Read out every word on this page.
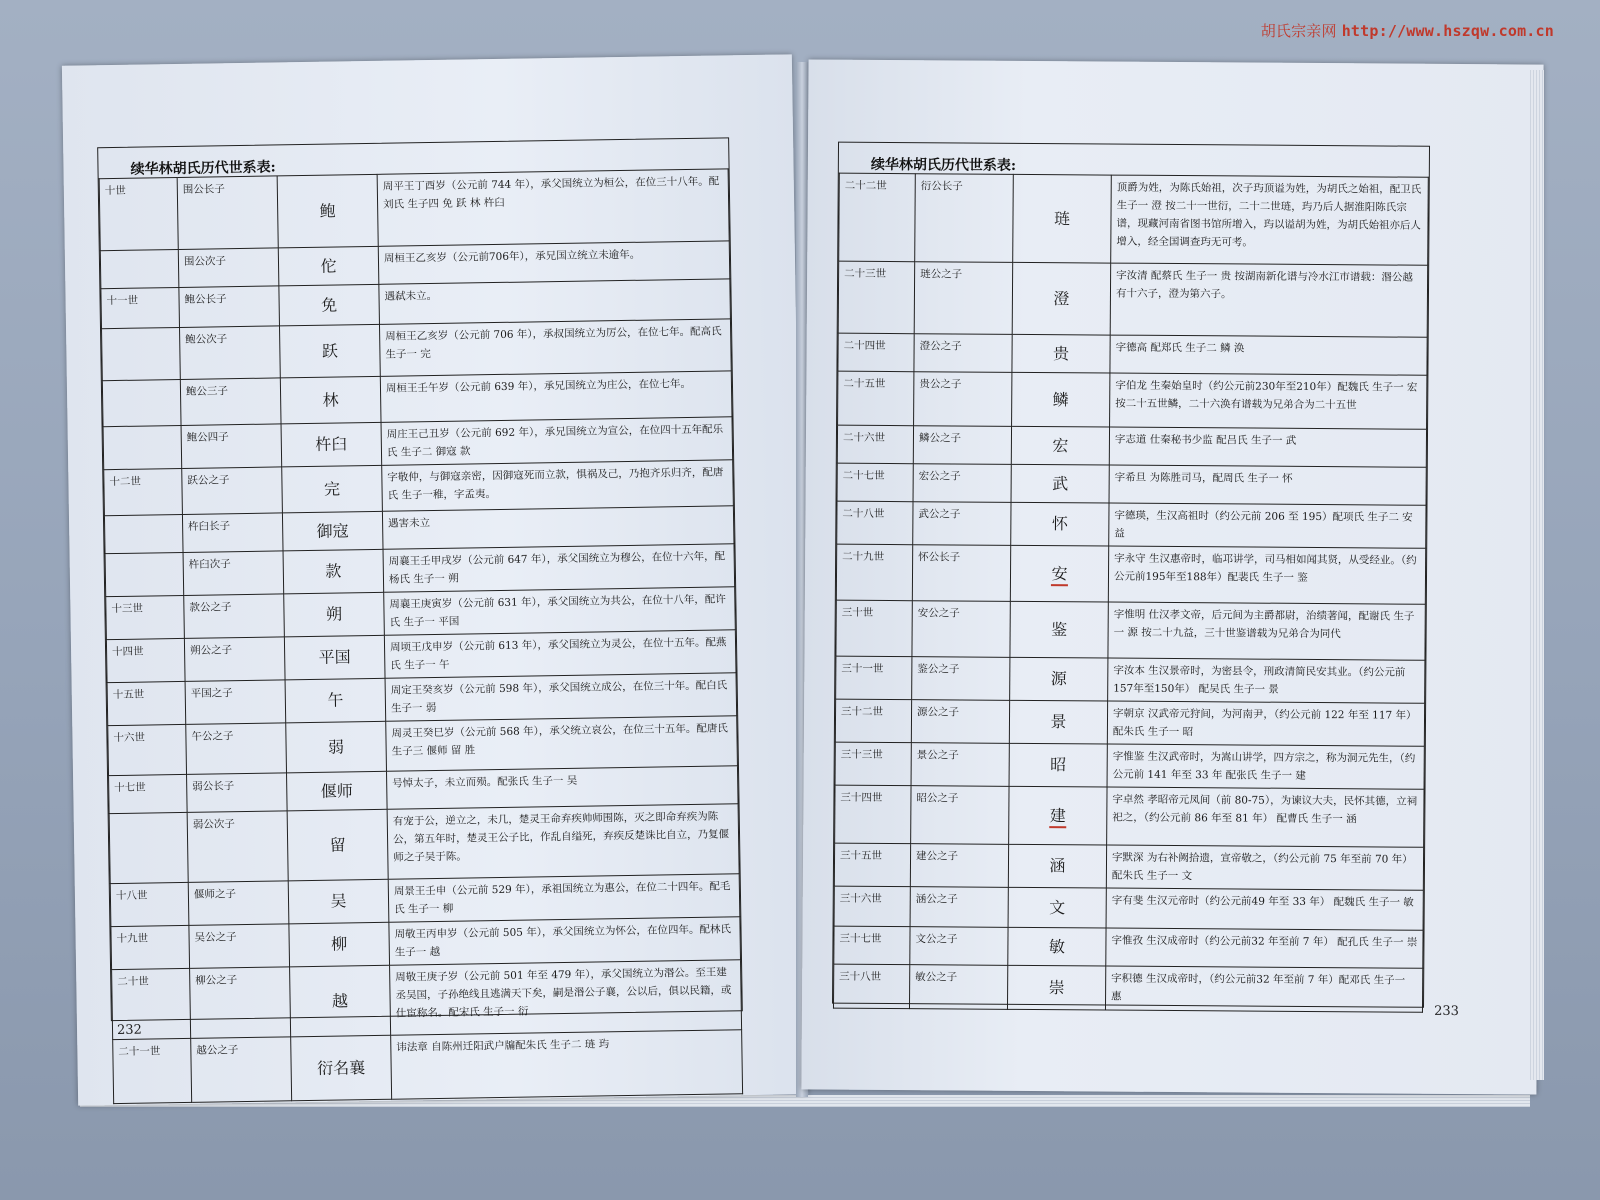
胡氏宗亲网 http://www.hszqw.com.cn
续华林胡氏历代世系表:
十世	围公长子	鲍	周平王丁酉岁（公元前 744 年），承父国统立为桓公，在位三十八年。配刘氏 生子四 免 跃 林 杵臼
	围公次子	佗	周桓王乙亥岁（公元前706年），承兄国立统立未逾年。
十一世	鲍公长子	免	遇弑未立。
	鲍公次子	跃	周桓王乙亥岁（公元前 706 年），承叔国统立为厉公，在位七年。配高氏 生子一 完
	鲍公三子	林	周桓王壬午岁（公元前 639 年），承兄国统立为庄公，在位七年。
	鲍公四子	杵臼	周庄王己丑岁（公元前 692 年），承兄国统立为宣公，在位四十五年配乐氏 生子二 御寇 款
十二世	跃公之子	完	字敬仲，与御寇亲密，因御寇死而立款，惧祸及己，乃抱齐乐归齐，配唐氏 生子一稚，字孟夷。
	杵臼长子	御寇	遇害未立
	杵臼次子	款	周襄王壬甲戌岁（公元前 647 年），承父国统立为穆公，在位十六年，配杨氏 生子一 朔
十三世	款公之子	朔	周襄王庚寅岁（公元前 631 年），承父国统立为共公，在位十八年，配许氏 生子一 平国
十四世	朔公之子	平国	周顷王戊申岁（公元前 613 年），承父国统立为灵公，在位十五年。配燕氏 生子一 午
十五世	平国之子	午	周定王癸亥岁（公元前 598 年），承父国统立成公，在位三十年。配白氏 生子一 弱
十六世	午公之子	弱	周灵王癸巳岁（公元前 568 年），承父统立哀公，在位三十五年。配唐氏 生子三 偃师 留 胜
十七世	弱公长子	偃师	号悼太子，未立而殒。配张氏 生子一 吴
	弱公次子	留	有宠于公，逆立之，未几，楚灵王命弃疾帅师围陈，灭之即命弃疾为陈公，第五年时，楚灵王公子比，作乱自缢死，弃疾反楚诛比自立，乃复偃师之子吴于陈。
十八世	偃师之子	吴	周景王壬申（公元前 529 年），承祖国统立为惠公，在位二十四年。配毛氏 生子一 柳
十九世	吴公之子	柳	周敬王丙申岁（公元前 505 年），承父国统立为怀公，在位四年。配林氏 生子一 越
二十世	柳公之子	越	周敬王庚子岁（公元前 501 年至 479 年），承父国统立为湣公。至王建丞吴国，子孙绝线且逃满天下矣，嗣是湣公子襄，公以后，俱以民籍，或仕宦称名。配宋氏 生子一 衍
二十一世	越公之子	衍名襄	讳法章 自陈州迁阳武户牖配朱氏 生子二 琏 玙
232
续华林胡氏历代世系表:
二十二世	衍公长子	琏	顶爵为姓，为陈氏始祖，次子玙顶谥为姓，为胡氏之始祖，配卫氏 生子一 澄 按二十一世衍，二十二世琏，玙乃后人据淮阳陈氏宗谱，现藏河南省图书馆所增入，玙以谥胡为姓，为胡氏始祖亦后人增入，经全国调查玙无可考。
二十三世	琏公之子	澄	字汝清 配蔡氏 生子一 贵 按湖南新化谱与冷水江市谱载：湣公越有十六子，澄为第六子。
二十四世	澄公之子	贵	字德高 配郑氏 生子二 鳞 涣
二十五世	贵公之子	鳞	字伯龙 生秦始皇时（约公元前230年至210年）配魏氏 生子一 宏 按二十五世鳞，二十六涣有谱载为兄弟合为二十五世
二十六世	鳞公之子	宏	字志道 仕秦秘书少监 配吕氏 生子一 武
二十七世	宏公之子	武	字希旦 为陈胜司马，配周氏 生子一 怀
二十八世	武公之子	怀	字德瑛，生汉高祖时（约公元前 206 至 195）配项氏 生子二 安 益
二十九世	怀公长子	安	字永守 生汉惠帝时，临邛讲学，司马相如闻其贤，从受经业。（约公元前195年至188年）配裴氏 生子一 鉴
三十世	安公之子	鉴	字惟明 仕汉孝文帝，后元间为主爵都尉，治绩著闻，配谢氏 生子一 源 按二十九益，三十世鉴谱载为兄弟合为同代
三十一世	鉴公之子	源	字汝本 生汉景帝时，为密县令，刑政清简民安其业。（约公元前157年至150年） 配吴氏 生子一 景
三十二世	源公之子	景	字朝京 汉武帝元狩间，为河南尹，（约公元前 122 年至 117 年）配朱氏 生子一 昭
三十三世	景公之子	昭	字惟鉴 生汉武帝时，为嵩山讲学，四方宗之，称为洞元先生，（约公元前 141 年至 33 年 配张氏 生子一 建
三十四世	昭公之子	建	字卓然 孝昭帝元凤间（前 80-75），为谏议大夫，民怀其德，立祠祀之，（约公元前 86 年至 81 年） 配曹氏 生子一 涵
三十五世	建公之子	涵	字默深 为右补阙拾遗，宣帝敬之，（约公元前 75 年至前 70 年）配朱氏 生子一 文
三十六世	涵公之子	文	字有斐 生汉元帝时（约公元前49 年至 33 年） 配魏氏 生子一 敏
三十七世	文公之子	敏	字惟孜 生汉成帝时（约公元前32 年至前 7 年） 配孔氏 生子一 崇
三十八世	敏公之子	崇	字积德 生汉成帝时，（约公元前32 年至前 7 年）配邓氏 生子一 惠
233
